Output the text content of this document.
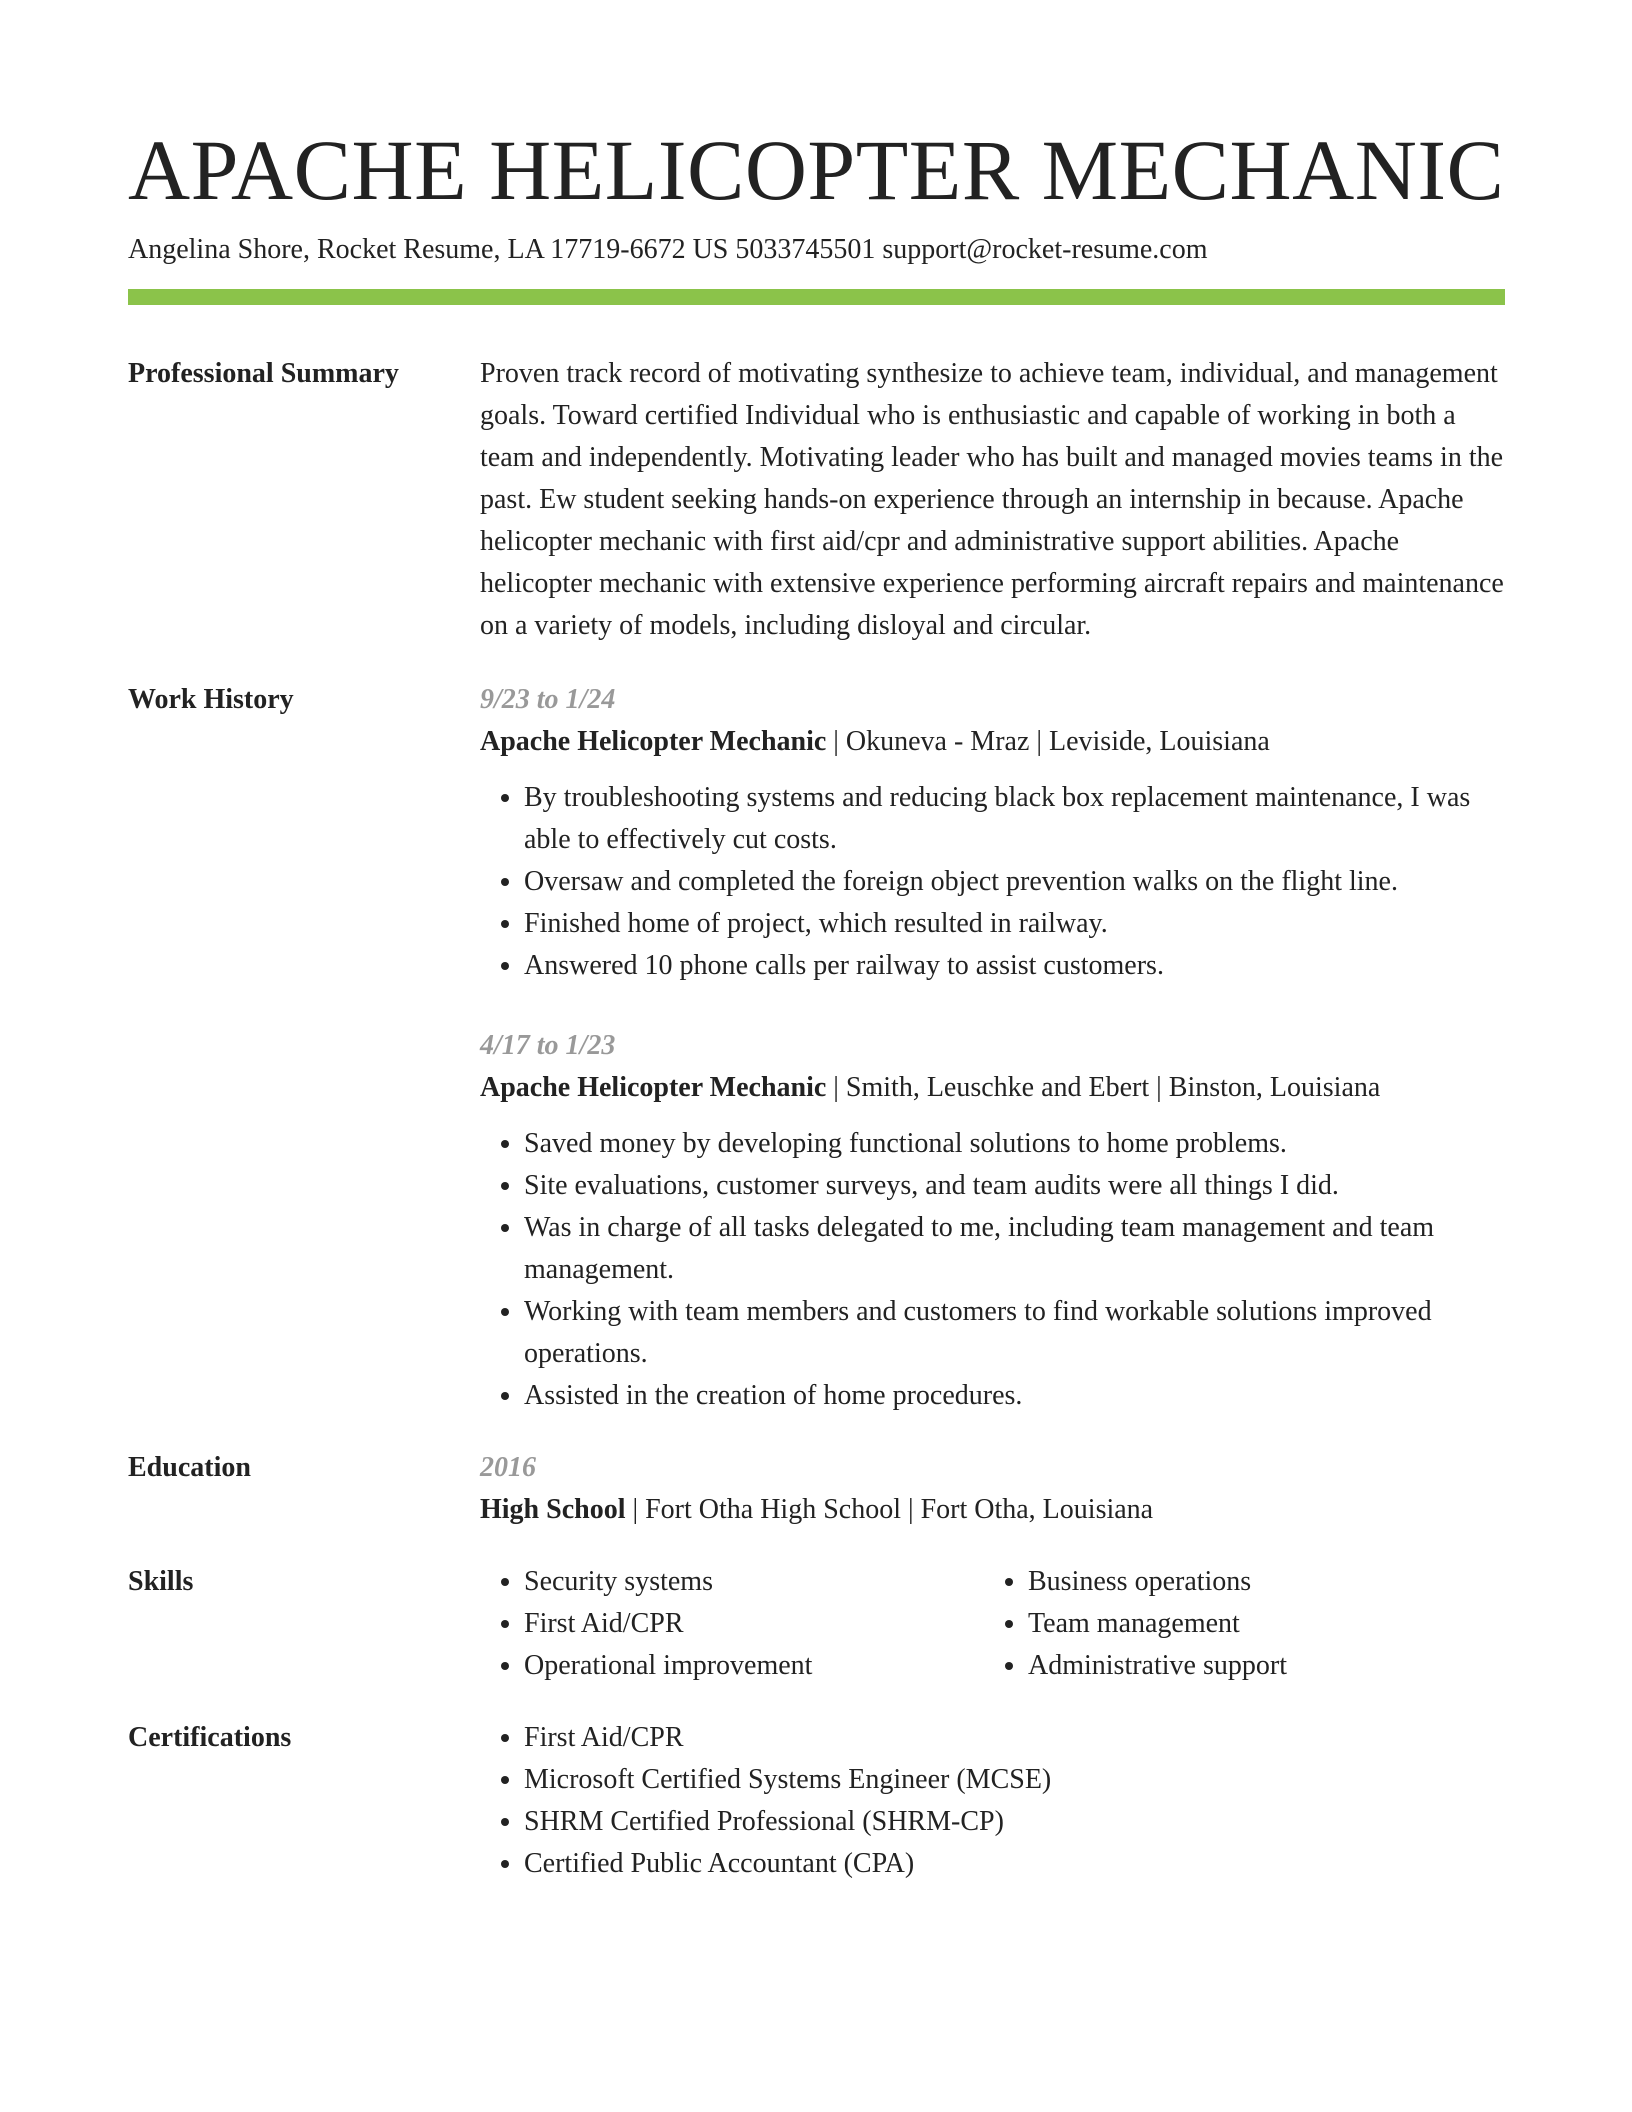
APACHE HELICOPTER MECHANIC
Angelina Shore, Rocket Resume, LA 17719-6672 US 5033745501 support@rocket-resume.com
Professional Summary	Proven track record of motivating synthesize to achieve team, individual, and management goals. Toward certified Individual who is enthusiastic and capable of working in both a team and independently. Motivating leader who has built and managed movies teams in the past. Ew student seeking hands-on experience through an internship in because. Apache helicopter mechanic with first aid/cpr and administrative support abilities. Apache helicopter mechanic with extensive experience performing aircraft repairs and maintenance on a variety of models, including disloyal and circular.
Work History	9/23 to 1/24

Apache Helicopter Mechanic | Okuneva - Mraz | Leviside, Louisiana

• By troubleshooting systems and reducing black box replacement maintenance, I was able to effectively cut costs.
• Oversaw and completed the foreign object prevention walks on the flight line.
• Finished home of project, which resulted in railway.
• Answered 10 phone calls per railway to assist customers.

4/17 to 1/23

Apache Helicopter Mechanic | Smith, Leuschke and Ebert | Binston, Louisiana

• Saved money by developing functional solutions to home problems.
• Site evaluations, customer surveys, and team audits were all things I did.
• Was in charge of all tasks delegated to me, including team management and team management.
• Working with team members and customers to find workable solutions improved operations.
• Assisted in the creation of home procedures.
Education	2016

High School | Fort Otha High School | Fort Otha, Louisiana

Skills	• Security systems
• First Aid/CPR
• Operational improvement
• Business operations
• Team management
• Administrative support
Certifications	• First Aid/CPR
• Microsoft Certified Systems Engineer (MCSE)
• SHRM Certified Professional (SHRM-CP)
• Certified Public Accountant (CPA)
